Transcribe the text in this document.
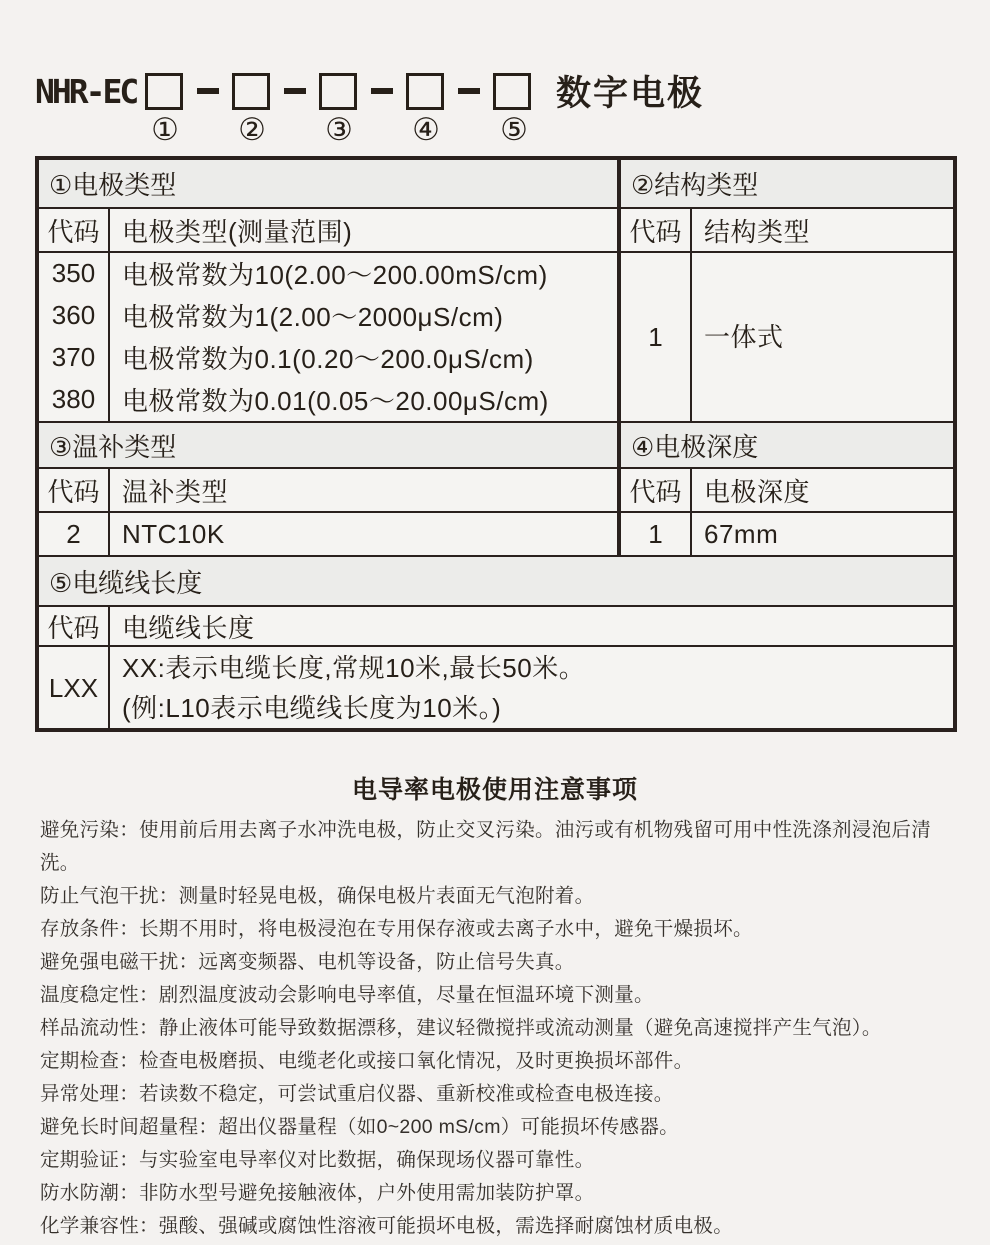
NHR-EC	数字电极
① ② ③ ④ ⑤
①电极类型		②结构类型	
代码	电极类型(测量范围)	代码	结构类型
350	电极常数为10(2.00～200.00mS/cm)	1	一体式
360	电极常数为1(2.00～2000μS/cm)		
370	电极常数为0.1(0.20～200.0μS/cm)		
380	电极常数为0.01(0.05～20.00μS/cm)		
③温补类型		④电极深度	
代码	温补类型	代码	电极深度
2	NTC10K	1	67mm
⑤电缆线长度			
代码	电缆线长度		
LXX	XX:表示电缆长度,常规10米,最长50米。
(例:L10表示电缆线长度为10米。)		
电导率电极使用注意事项

避免污染：使用前后用去离子水冲洗电极，防止交叉污染。油污或有机物残留可用中性洗涤剂浸泡后清洗。

防止气泡干扰：测量时轻晃电极，确保电极片表面无气泡附着。

存放条件：长期不用时，将电极浸泡在专用保存液或去离子水中，避免干燥损坏。

避免强电磁干扰：远离变频器、电机等设备，防止信号失真。

温度稳定性：剧烈温度波动会影响电导率值，尽量在恒温环境下测量。

样品流动性：静止液体可能导致数据漂移，建议轻微搅拌或流动测量（避免高速搅拌产生气泡）。

定期检查：检查电极磨损、电缆老化或接口氧化情况，及时更换损坏部件。

异常处理：若读数不稳定，可尝试重启仪器、重新校准或检查电极连接。

避免长时间超量程：超出仪器量程（如0~200 mS/cm）可能损坏传感器。

定期验证：与实验室电导率仪对比数据，确保现场仪器可靠性。

防水防潮：非防水型号避免接触液体，户外使用需加装防护罩。

化学兼容性：强酸、强碱或腐蚀性溶液可能损坏电极，需选择耐腐蚀材质电极。
